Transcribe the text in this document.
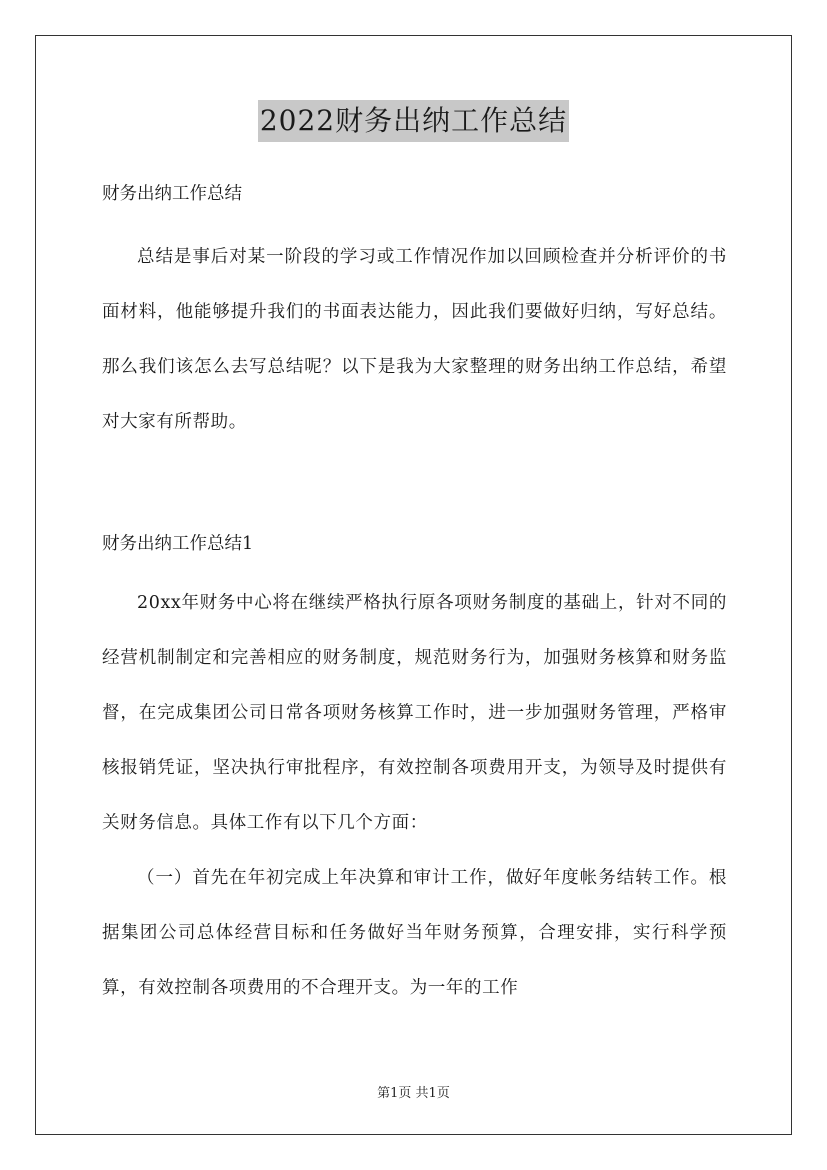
2022财务出纳工作总结

财务出纳工作总结

总结是事后对某一阶段的学习或工作情况作加以回顾检查并分析评价的书面材料，他能够提升我们的书面表达能力，因此我们要做好归纳，写好总结。那么我们该怎么去写总结呢？以下是我为大家整理的财务出纳工作总结，希望对大家有所帮助。

财务出纳工作总结1

20xx年财务中心将在继续严格执行原各项财务制度的基础上，针对不同的经营机制制定和完善相应的财务制度，规范财务行为，加强财务核算和财务监督，在完成集团公司日常各项财务核算工作时，进一步加强财务管理，严格审核报销凭证，坚决执行审批程序，有效控制各项费用开支，为领导及时提供有关财务信息。具体工作有以下几个方面：

（一）首先在年初完成上年决算和审计工作，做好年度帐务结转工作。根据集团公司总体经营目标和任务做好当年财务预算，合理安排，实行科学预算，有效控制各项费用的不合理开支。为一年的工作

第1页 共1页
